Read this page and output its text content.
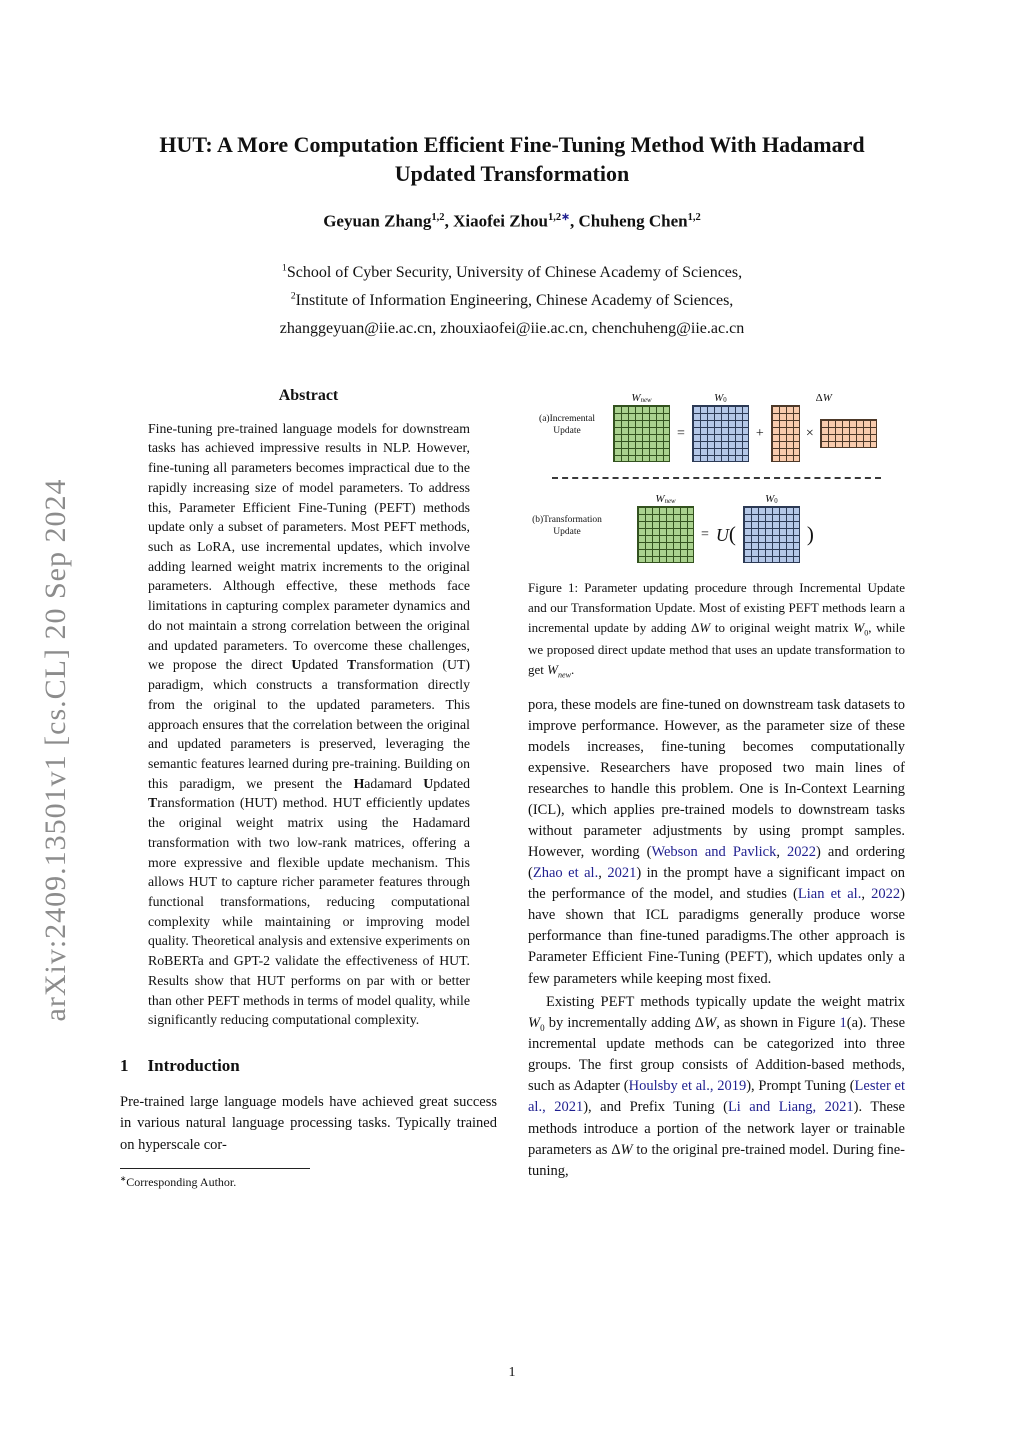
arXiv:2409.13501v1 [cs.CL] 20 Sep 2024
HUT: A More Computation Efficient Fine-Tuning Method With Hadamard
Updated Transformation
Geyuan Zhang$^{1,2}$, Xiaofei Zhou$^{1,2∗}$, Chuheng Chen$^{1,2}$
$^1$School of Cyber Security, University of Chinese Academy of Sciences,
$^2$Institute of Information Engineering, Chinese Academy of Sciences,
zhanggeyuan@iie.ac.cn, zhouxiaofei@iie.ac.cn, chenchuheng@iie.ac.cn
Abstract
Fine-tuning pre-trained language models for downstream tasks has achieved impressive results in NLP. However, fine-tuning all parameters becomes impractical due to the rapidly increasing size of model parameters. To address this, Parameter Efficient Fine-Tuning (PEFT) methods update only a subset of parameters. Most PEFT methods, such as LoRA, use incremental updates, which involve adding learned weight matrix increments to the original parameters. Although effective, these methods face limitations in capturing complex parameter dynamics and do not maintain a strong correlation between the original and updated parameters. To overcome these challenges, we propose the direct Updated Transformation (UT) paradigm, which constructs a transformation directly from the original to the updated parameters. This approach ensures that the correlation between the original and updated parameters is preserved, leveraging the semantic features learned during pre-training. Building on this paradigm, we present the Hadamard Updated Transformation (HUT) method. HUT efficiently updates the original weight matrix using the Hadamard transformation with two low-rank matrices, offering a more expressive and flexible update mechanism. This allows HUT to capture richer parameter features through functional transformations, reducing computational complexity while maintaining or improving model quality. Theoretical analysis and extensive experiments on RoBERTa and GPT-2 validate the effectiveness of HUT. Results show that HUT performs on par with or better than other PEFT methods in terms of model quality, while significantly reducing computational complexity.
1 Introduction
Pre-trained large language models have achieved great success in various natural language processing tasks. Typically trained on hyperscale cor-
∗Corresponding Author.
(a)Incremental
Update
$W_{new}$
=
$W_0$
+
Δ W
×
(b)Transformation
Update
$W_{new}$
= U(
$W_0$
)
Figure 1: Parameter updating procedure through Incremental Update and our Transformation Update. Most of existing PEFT methods learn a incremental update by adding ΔW to original weight matrix $W_0$, while we proposed direct update method that uses an update transformation to get $W_{new}$.
pora, these models are fine-tuned on downstream task datasets to improve performance. However, as the parameter size of these models increases, fine-tuning becomes computationally expensive. Researchers have proposed two main lines of researches to handle this problem. One is In-Context Learning (ICL), which applies pre-trained models to downstream tasks without parameter adjustments by using prompt samples. However, wording (Webson and Pavlick, 2022) and ordering (Zhao et al., 2021) in the prompt have a significant impact on the performance of the model, and studies (Lian et al., 2022) have shown that ICL paradigms generally produce worse performance than fine-tuned paradigms.The other approach is Parameter Efficient Fine-Tuning (PEFT), which updates only a few parameters while keeping most fixed.
Existing PEFT methods typically update the weight matrix $W_0$ by incrementally adding ΔW, as shown in Figure 1(a). These incremental update methods can be categorized into three groups. The first group consists of Addition-based methods, such as Adapter (Houlsby et al., 2019), Prompt Tuning (Lester et al., 2021), and Prefix Tuning (Li and Liang, 2021). These methods introduce a portion of the network layer or trainable parameters as ΔW to the original pre-trained model. During fine-tuning,
1
